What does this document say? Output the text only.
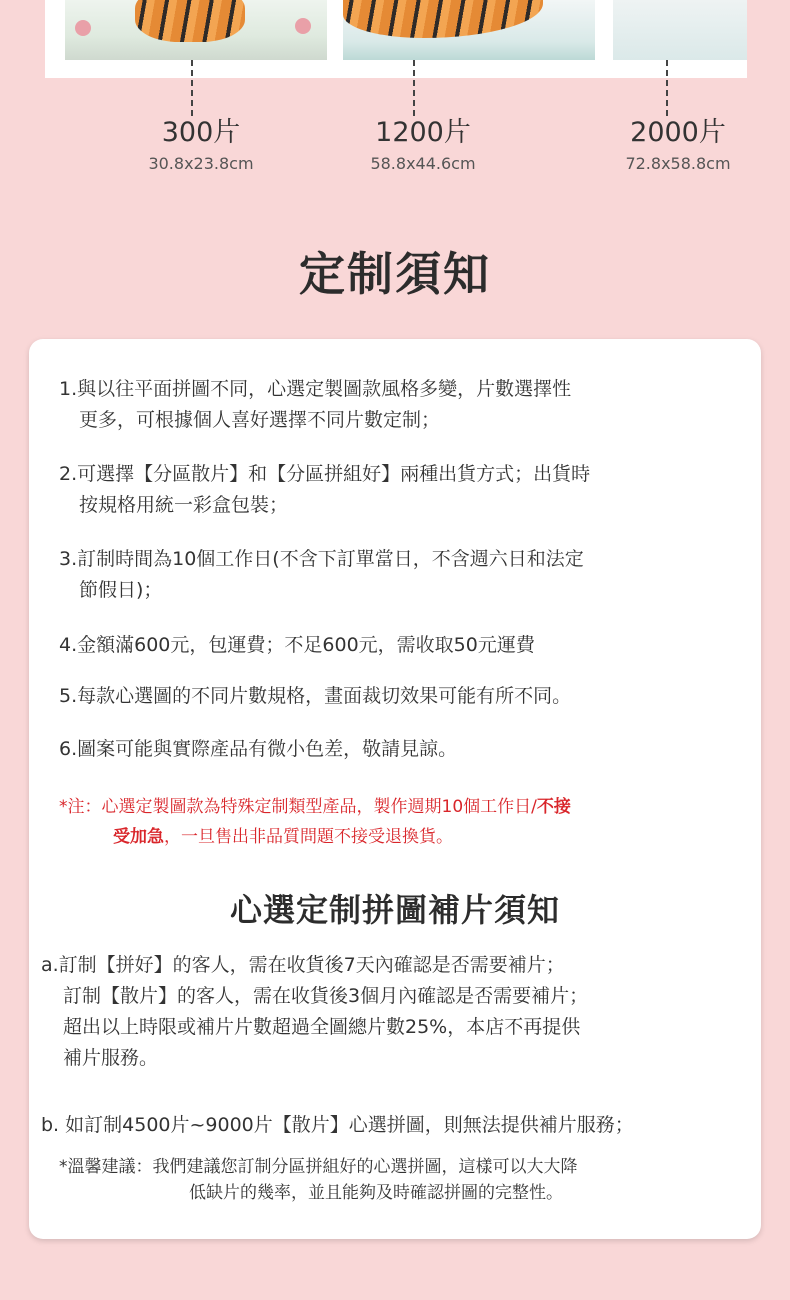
300片
30.8x23.8cm
1200片
58.8x44.6cm
2000片
72.8x58.8cm
定制須知
1.與以往平面拼圖不同，心選定製圖款風格多變，片數選擇性
更多，可根據個人喜好選擇不同片數定制；
2.可選擇【分區散片】和【分區拼組好】兩種出貨方式；出貨時
按規格用統一彩盒包裝；
3.訂制時間為10個工作日(不含下訂單當日，不含週六日和法定
節假日)；
4.金額滿600元，包運費；不足600元，需收取50元運費
5.每款心選圖的不同片數規格，畫面裁切效果可能有所不同。
6.圖案可能與實際產品有微小色差，敬請見諒。
*注：心選定製圖款為特殊定制類型產品，製作週期10個工作日/不接
受加急，一旦售出非品質問題不接受退換貨。
心選定制拼圖補片須知
a.訂制【拼好】的客人，需在收貨後7天內確認是否需要補片；
訂制【散片】的客人，需在收貨後3個月內確認是否需要補片；
超出以上時限或補片片數超過全圖總片數25%，本店不再提供
補片服務。
b. 如訂制4500片~9000片【散片】心選拼圖，則無法提供補片服務；
*溫馨建議：我們建議您訂制分區拼組好的心選拼圖，這樣可以大大降
低缺片的幾率，並且能夠及時確認拼圖的完整性。
